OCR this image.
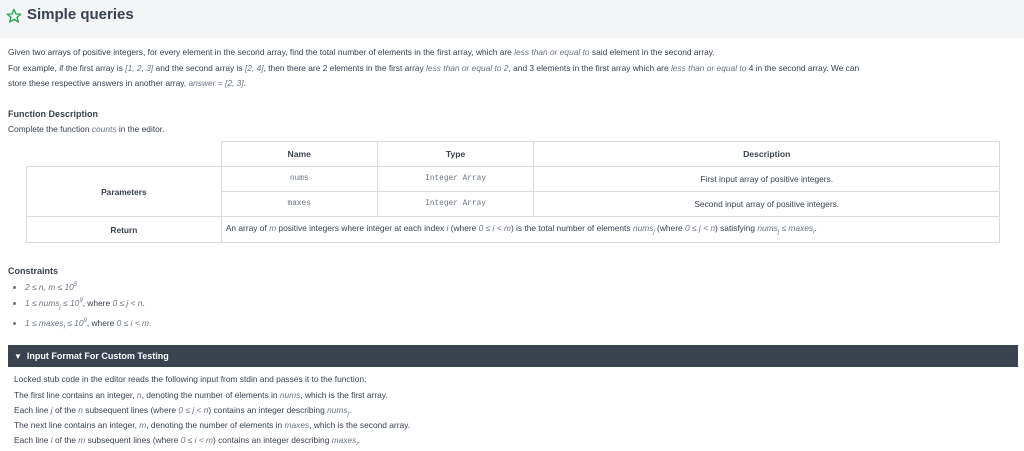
Simple queries
Given two arrays of positive integers, for every element in the second array, find the total number of elements in the first array, which are less than or equal to said element in the second array.
For example, if the first array is [1, 2, 3] and the second array is [2, 4], then there are 2 elements in the first array less than or equal to 2, and 3 elements in the first array which are less than or equal to 4 in the second array. We can
store these respective answers in another array, answer = [2, 3].
Function Description
Complete the function counts in the editor.
	Name	Type	Description
Parameters	nums	Integer Array	First input array of positive integers.
	maxes	Integer Array	Second input array of positive integers.
Return	An array of m positive integers where integer at each index i (where 0 ≤ i < m) is the total number of elements nums$_j$ (where 0 ≤ j < n) satisfying nums$_j$ ≤ maxes$_i$.		
Constraints
• 2 ≤ n, $m \le 10^5$
• 1 ≤ nums$_j$ ≤ $10^9$, where 0 ≤ j < n.
• 1 ≤ maxes$_i$ ≤ $10^9$, where 0 ≤ i < m.
▼ Input Format For Custom Testing
Locked stub code in the editor reads the following input from stdin and passes it to the function:
The first line contains an integer, n, denoting the number of elements in nums, which is the first array.
Each line j of the n subsequent lines (where 0 ≤ j < n) contains an integer describing nums$_j$.
The next line contains an integer, m, denoting the number of elements in maxes, which is the second array.
Each line i of the m subsequent lines (where 0 ≤ i < m) contains an integer describing maxes$_i$.
